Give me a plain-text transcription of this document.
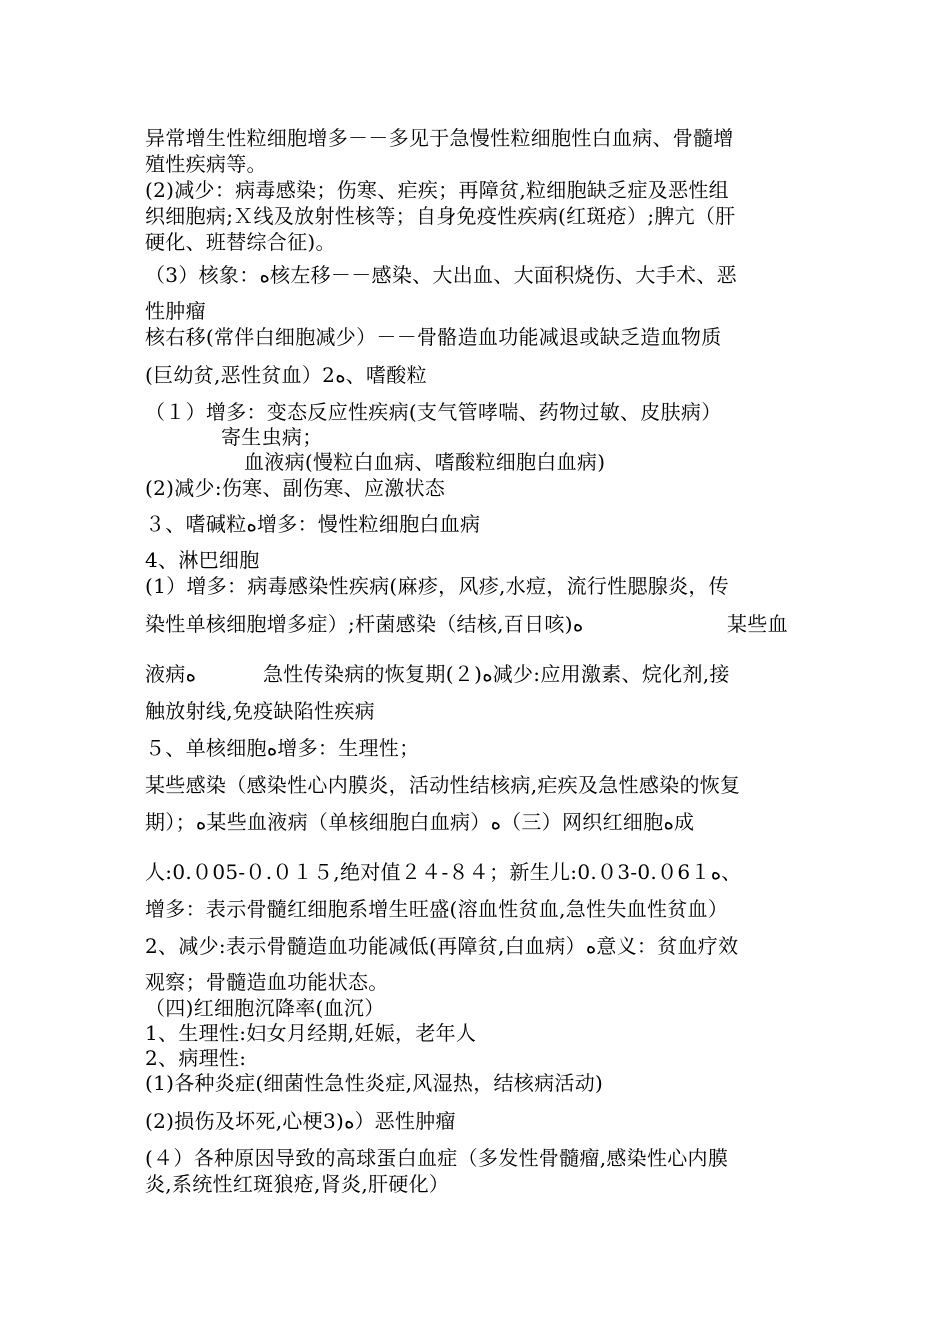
异常增生性粒细胞增多－－多见于急慢性粒细胞性白血病、骨髓增
殖性疾病等。
(2)减少：病毒感染；伤寒、疟疾；再障贫,粒细胞缺乏症及恶性组
织细胞病;Ｘ线及放射性核等；自身免疫性疾病(红斑疮）;脾亢（肝
硬化、班替综合征)。
（3）核象：ﻩ核左移－－感染、大出血、大面积烧伤、大手术、恶
性肿瘤
核右移(常伴白细胞减少）－－骨骼造血功能减退或缺乏造血物质
(巨幼贫,恶性贫血）2ﻩ、嗜酸粒
（１）增多：变态反应性疾病(支气管哮喘、药物过敏、皮肤病）
寄生虫病；
血液病(慢粒白血病、嗜酸粒细胞白血病)
(2)减少:伤寒、副伤寒、应激状态
３、嗜碱粒ﻩ增多：慢性粒细胞白血病
4、淋巴细胞
(1）增多：病毒感染性疾病(麻疹，风疹,水痘，流行性腮腺炎，传
染性单核细胞增多症）;杆菌感染（结核,百日咳)ﻩ	某些血
液病ﻩ	急性传染病的恢复期(２)ﻩ减少:应用激素、烷化剂,接
触放射线,免疫缺陷性疾病
５、单核细胞ﻩ增多：生理性；
某些感染（感染性心内膜炎，活动性结核病,疟疾及急性感染的恢复
期）；ﻩ某些血液病（单核细胞白血病）ﻩ（三）网织红细胞ﻩ成
人:0.０05-０.０１５,绝对值２４-８４；新生儿:0.０3-0.０6１ﻩ、
增多：表示骨髓红细胞系增生旺盛(溶血性贫血,急性失血性贫血）
2、减少:表示骨髓造血功能减低(再障贫,白血病）ﻩ意义：贫血疗效
观察；骨髓造血功能状态。
（四)红细胞沉降率(血沉）
1、生理性:妇女月经期,妊娠，老年人
2、病理性:
(1)各种炎症(细菌性急性炎症,风湿热，结核病活动)
(2)损伤及坏死,心梗3)ﻩ）恶性肿瘤
(４）各种原因导致的高球蛋白血症（多发性骨髓瘤,感染性心内膜
炎,系统性红斑狼疮,肾炎,肝硬化）
